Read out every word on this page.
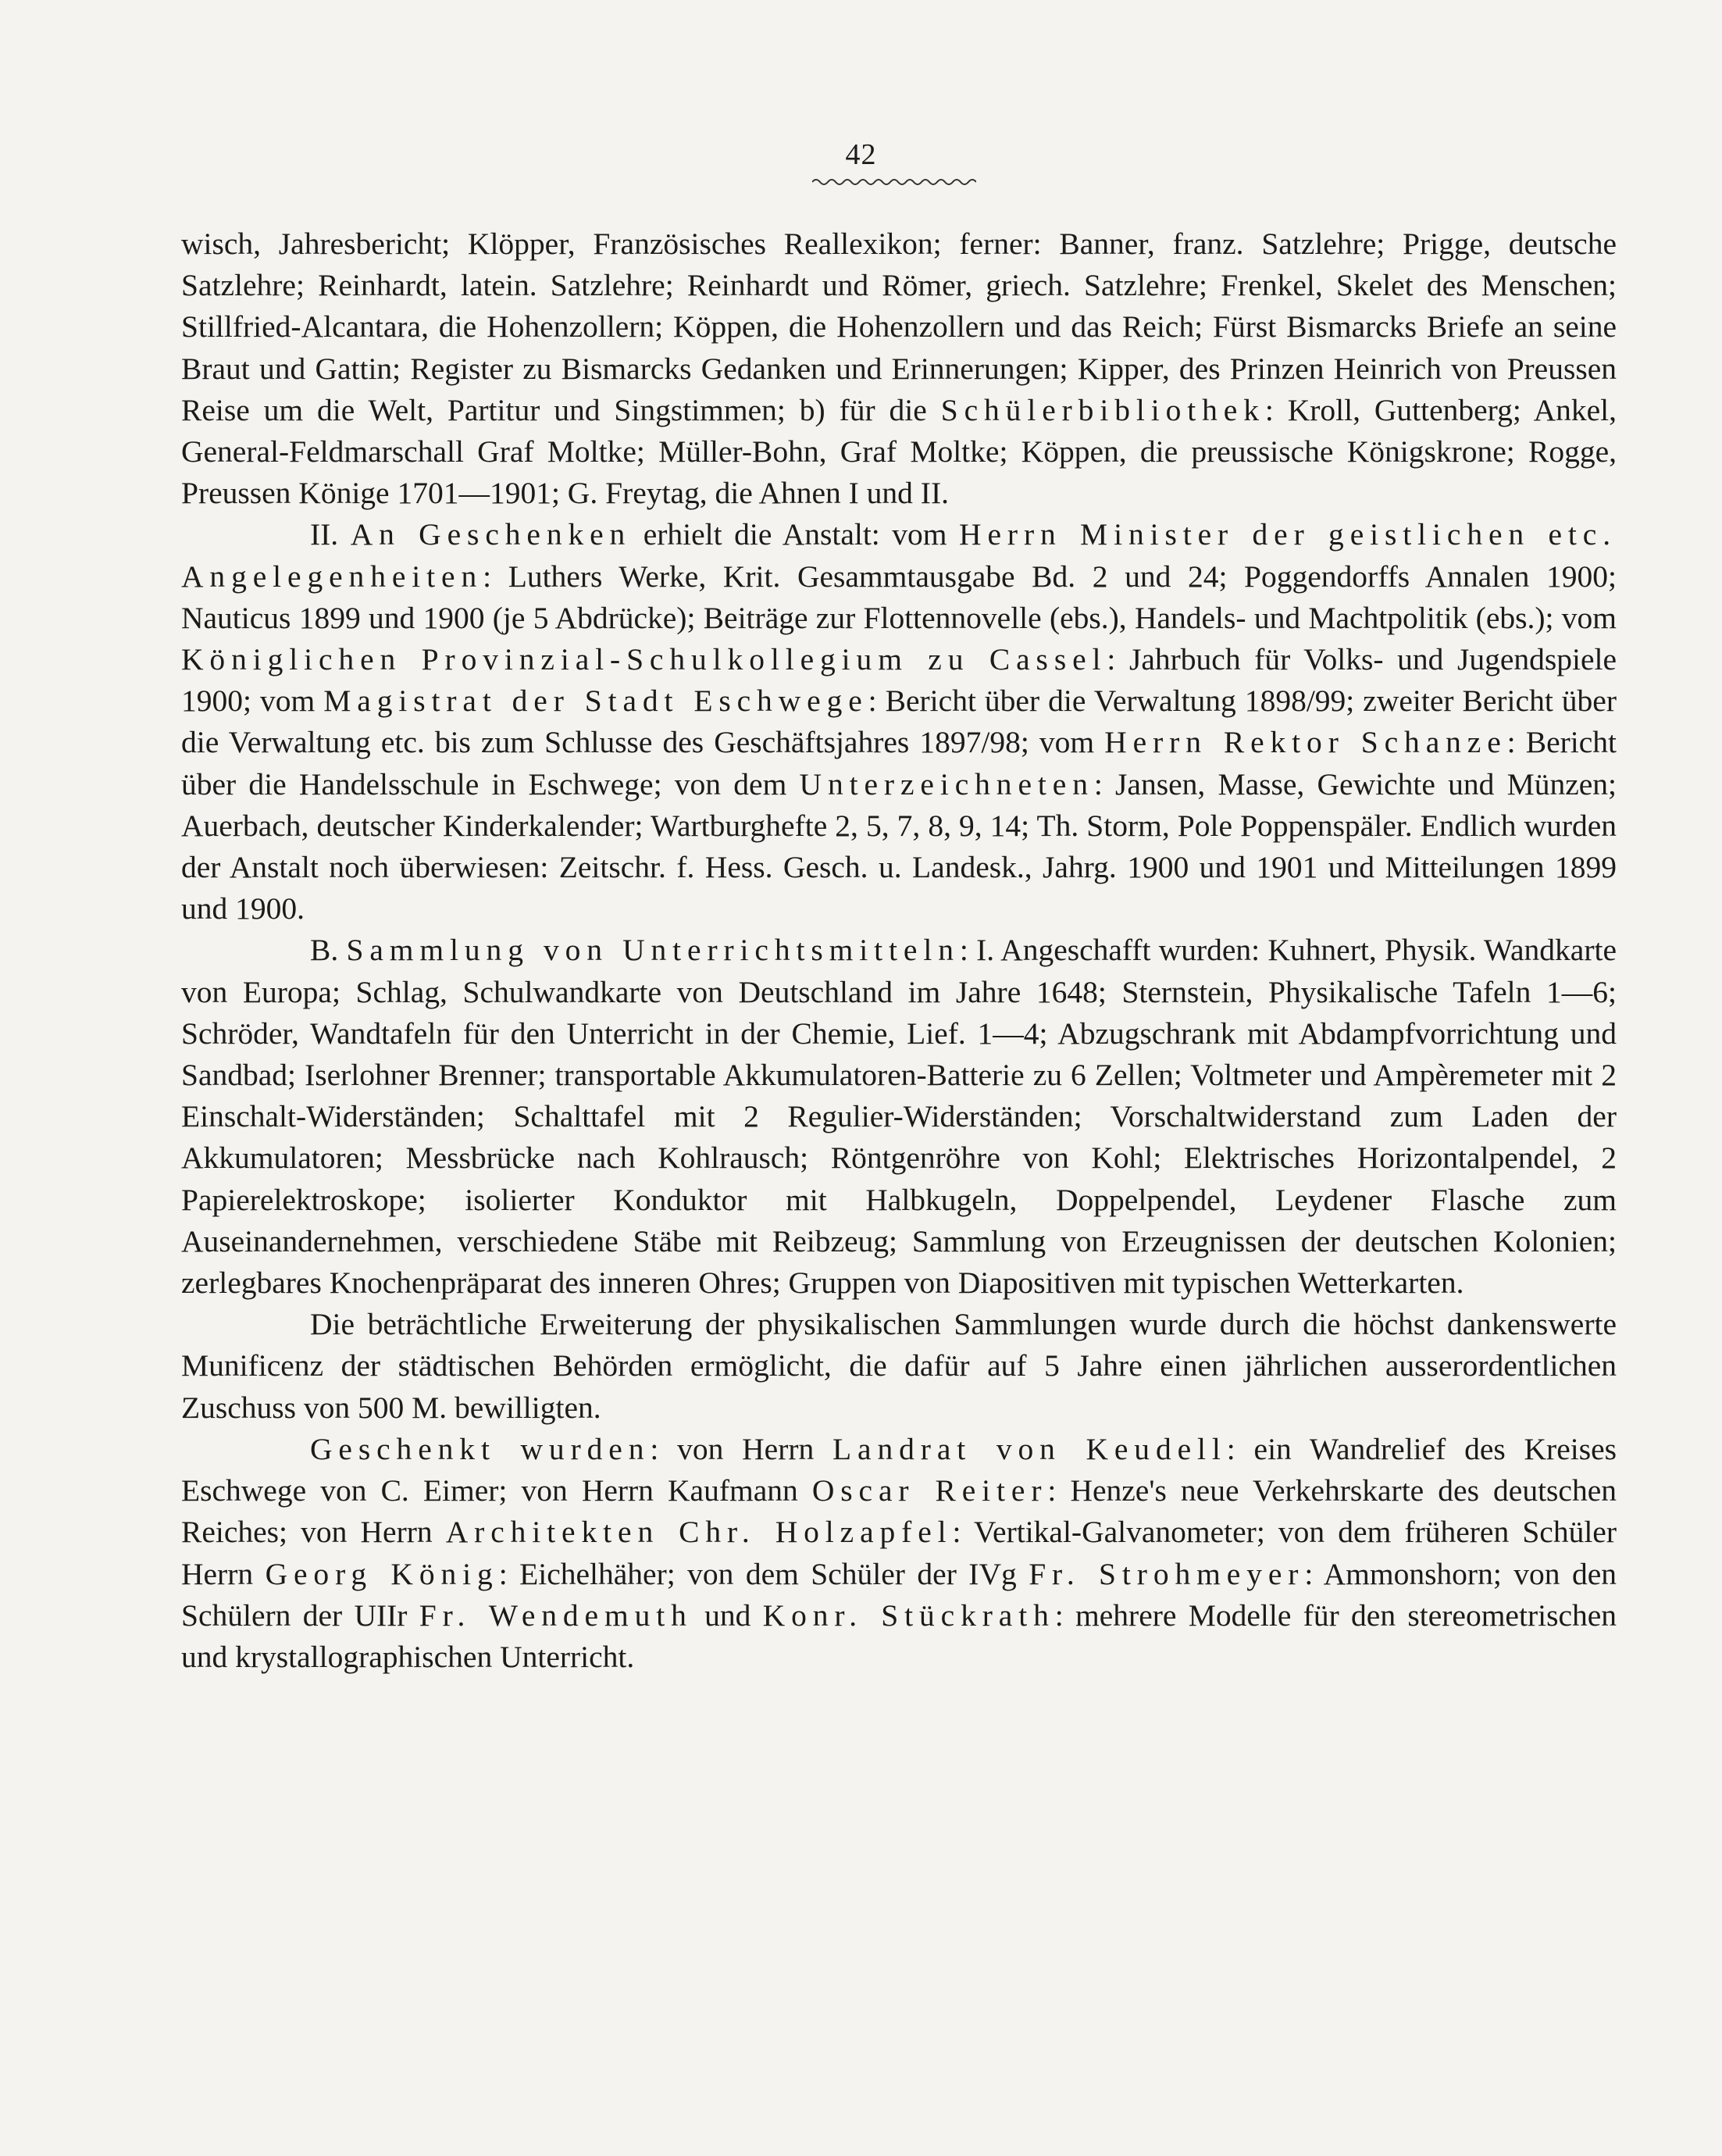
42

wisch, Jahresbericht; Klöpper, Französisches Reallexikon; ferner: Banner, franz. Satzlehre; Prigge, deutsche Satzlehre; Reinhardt, latein. Satzlehre; Reinhardt und Römer, griech. Satzlehre; Frenkel, Skelet des Menschen; Stillfried-Alcantara, die Hohenzollern; Köppen, die Hohenzollern und das Reich; Fürst Bismarcks Briefe an seine Braut und Gattin; Register zu Bismarcks Gedanken und Erinnerungen; Kipper, des Prinzen Heinrich von Preussen Reise um die Welt, Partitur und Singstimmen; b) für die Schülerbibliothek: Kroll, Guttenberg; Ankel, General-Feldmarschall Graf Moltke; Müller-Bohn, Graf Moltke; Köppen, die preussische Königskrone; Rogge, Preussen Könige 1701—1901; G. Freytag, die Ahnen I und II.

II. An Geschenken erhielt die Anstalt: vom Herrn Minister der geistlichen etc. Angelegenheiten: Luthers Werke, Krit. Gesammtausgabe Bd. 2 und 24; Poggendorffs Annalen 1900; Nauticus 1899 und 1900 (je 5 Abdrücke); Beiträge zur Flottennovelle (ebs.), Handels- und Machtpolitik (ebs.); vom Königlichen Provinzial-Schulkollegium zu Cassel: Jahrbuch für Volks- und Jugendspiele 1900; vom Magistrat der Stadt Eschwege: Bericht über die Verwaltung 1898/99; zweiter Bericht über die Verwaltung etc. bis zum Schlusse des Geschäftsjahres 1897/98; vom Herrn Rektor Schanze: Bericht über die Handelsschule in Eschwege; von dem Unterzeichneten: Jansen, Masse, Gewichte und Münzen; Auerbach, deutscher Kinderkalender; Wartburghefte 2, 5, 7, 8, 9, 14; Th. Storm, Pole Poppenspäler. Endlich wurden der Anstalt noch überwiesen: Zeitschr. f. Hess. Gesch. u. Landesk., Jahrg. 1900 und 1901 und Mitteilungen 1899 und 1900.

B. Sammlung von Unterrichtsmitteln: I. Angeschafft wurden: Kuhnert, Physik. Wandkarte von Europa; Schlag, Schulwandkarte von Deutschland im Jahre 1648; Sternstein, Physikalische Tafeln 1—6; Schröder, Wandtafeln für den Unterricht in der Chemie, Lief. 1—4; Abzugschrank mit Abdampfvorrichtung und Sandbad; Iserlohner Brenner; transportable Akkumulatoren-Batterie zu 6 Zellen; Voltmeter und Ampèremeter mit 2 Einschalt-Widerständen; Schalttafel mit 2 Regulier-Widerständen; Vorschaltwiderstand zum Laden der Akkumulatoren; Messbrücke nach Kohlrausch; Röntgenröhre von Kohl; Elektrisches Horizontalpendel, 2 Papierelektroskope; isolierter Konduktor mit Halbkugeln, Doppelpendel, Leydener Flasche zum Auseinandernehmen, verschiedene Stäbe mit Reibzeug; Sammlung von Erzeugnissen der deutschen Kolonien; zerlegbares Knochenpräparat des inneren Ohres; Gruppen von Diapositiven mit typischen Wetterkarten.

Die beträchtliche Erweiterung der physikalischen Sammlungen wurde durch die höchst dankenswerte Munificenz der städtischen Behörden ermöglicht, die dafür auf 5 Jahre einen jährlichen ausserordentlichen Zuschuss von 500 M. bewilligten.

Geschenkt wurden: von Herrn Landrat von Keudell: ein Wandrelief des Kreises Eschwege von C. Eimer; von Herrn Kaufmann Oscar Reiter: Henze's neue Verkehrskarte des deutschen Reiches; von Herrn Architekten Chr. Holzapfel: Vertikal-Galvanometer; von dem früheren Schüler Herrn Georg König: Eichelhäher; von dem Schüler der IVg Fr. Strohmeyer: Ammonshorn; von den Schülern der UIIr Fr. Wendemuth und Konr. Stückrath: mehrere Modelle für den stereometrischen und krystallographischen Unterricht.
